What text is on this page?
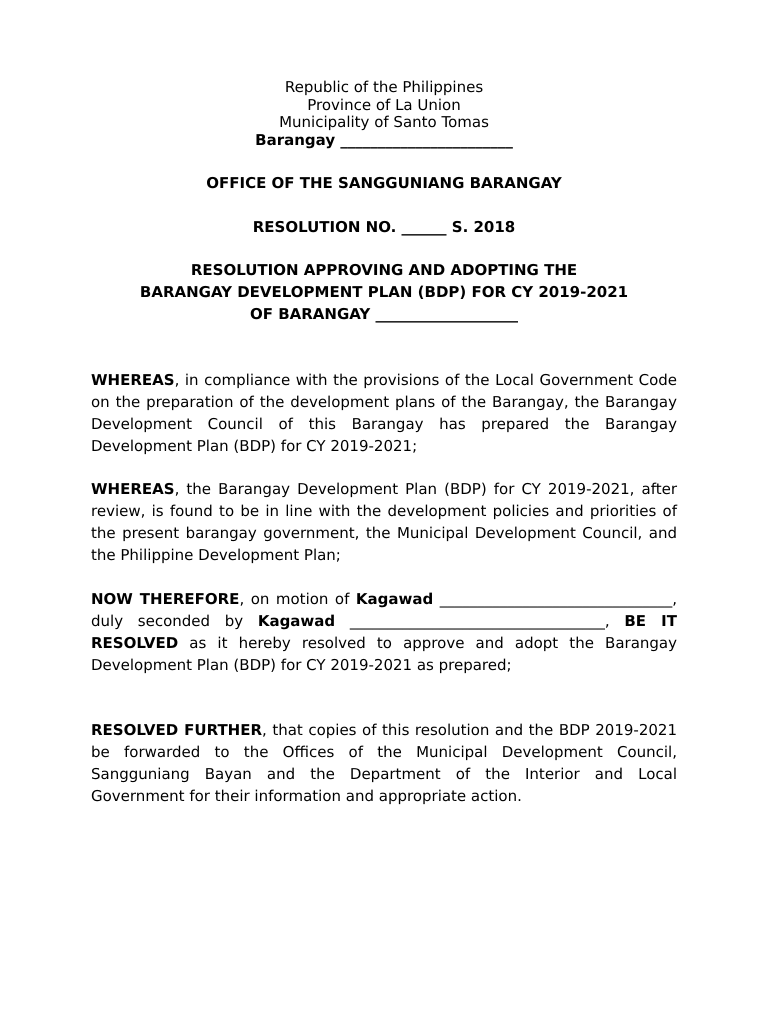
Republic of the Philippines
Province of La Union
Municipality of Santo Tomas
Barangay _______________________
OFFICE OF THE SANGGUNIANG BARANGAY
RESOLUTION NO. ______ S. 2018
RESOLUTION APPROVING AND ADOPTING THE
BARANGAY DEVELOPMENT PLAN (BDP) FOR CY 2019-2021
OF BARANGAY ___________________
WHEREAS, in compliance with the provisions of the Local Government Code
on the preparation of the development plans of the Barangay, the Barangay
Development Council of this Barangay has prepared the Barangay
Development Plan (BDP) for CY 2019-2021;
WHEREAS, the Barangay Development Plan (BDP) for CY 2019-2021, after
review, is found to be in line with the development policies and priorities of
the present barangay government, the Municipal Development Council, and
the Philippine Development Plan;
NOW THEREFORE, on motion of Kagawad _______________________________,
duly seconded by Kagawad __________________________________, BE IT
RESOLVED as it hereby resolved to approve and adopt the Barangay
Development Plan (BDP) for CY 2019-2021 as prepared;
RESOLVED FURTHER, that copies of this resolution and the BDP 2019-2021
be forwarded to the Offices of the Municipal Development Council,
Sangguniang Bayan and the Department of the Interior and Local
Government for their information and appropriate action.
